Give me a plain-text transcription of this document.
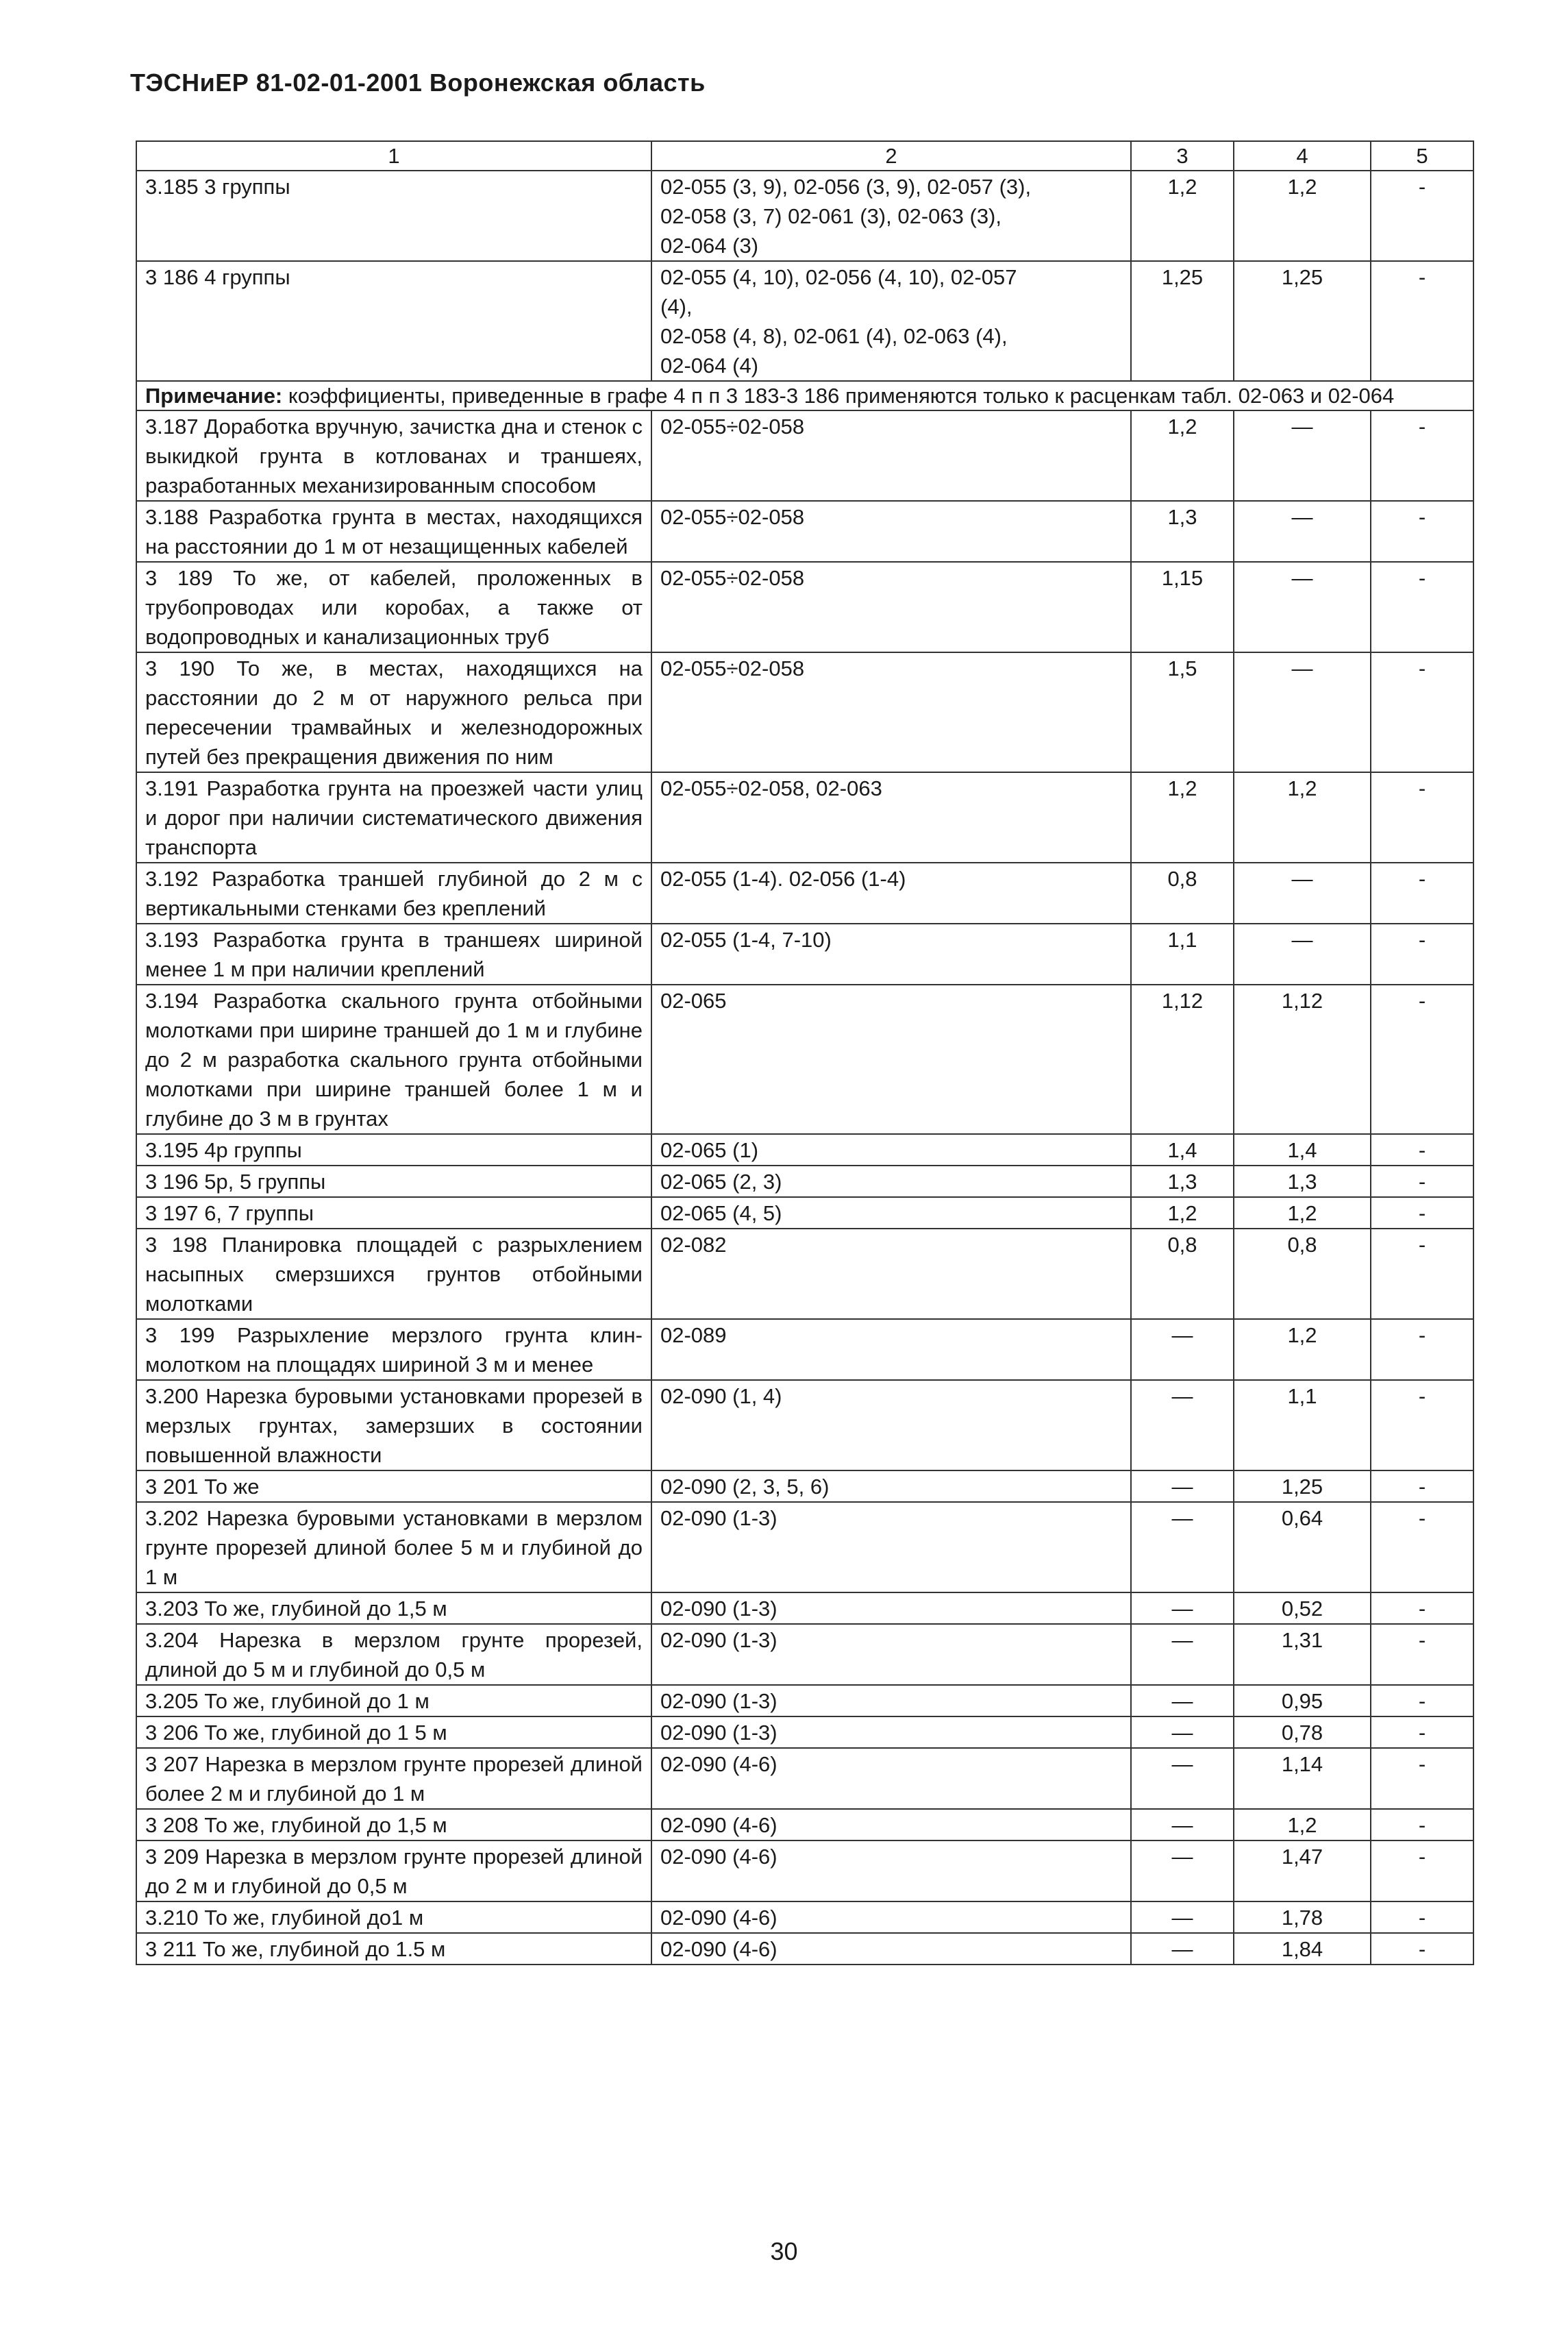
ТЭСНиЕР 81-02-01-2001 Воронежская область
1	2	3	4	5
3.185 3 группы	02-055 (3, 9), 02-056 (3, 9), 02-057 (3),
02-058 (3, 7) 02-061 (3), 02-063 (3),
02-064 (3)	1,2	1,2	-
3 186 4 группы	02-055 (4, 10), 02-056 (4, 10), 02-057
(4),
02-058 (4, 8), 02-061 (4), 02-063 (4),
02-064 (4)	1,25	1,25	-
Примечание: коэффициенты, приведенные в графе 4 п п 3 183-3 186 применяются только к расценкам табл. 02-063 и 02-064				
3.187 Доработка вручную, зачистка дна и стенок с выкидкой грунта в котлованах и траншеях, разработанных механизированным способом	02-055÷02-058	1,2	—	-
3.188 Разработка грунта в местах, находящихся на расстоянии до 1 м от незащищенных кабелей	02-055÷02-058	1,3	—	-
3 189 То же, от кабелей, проложенных в трубопроводах или коробах, а также от водопроводных и канализационных труб	02-055÷02-058	1,15	—	-
3 190 То же, в местах, находящихся на расстоянии до 2 м от наружного рельса при пересечении трамвайных и железнодорожных путей без прекращения движения по ним	02-055÷02-058	1,5	—	-
3.191 Разработка грунта на проезжей части улиц и дорог при наличии систематического движения транспорта	02-055÷02-058, 02-063	1,2	1,2	-
3.192 Разработка траншей глубиной до 2 м с вертикальными стенками без креплений	02-055 (1-4). 02-056 (1-4)	0,8	—	-
3.193 Разработка грунта в траншеях шириной менее 1 м при наличии креплений	02-055 (1-4, 7-10)	1,1	—	-
3.194 Разработка скального грунта отбойными молотками при ширине траншей до 1 м и глубине до 2 м разработка скального грунта отбойными молотками при ширине траншей более 1 м и глубине до 3 м в грунтах	02-065	1,12	1,12	-
3.195 4р группы	02-065 (1)	1,4	1,4	-
3 196 5р, 5 группы	02-065 (2, 3)	1,3	1,3	-
3 197 6, 7 группы	02-065 (4, 5)	1,2	1,2	-
3 198 Планировка площадей с разрыхлением насыпных смерзшихся грунтов отбойными молотками	02-082	0,8	0,8	-
3 199 Разрыхление мерзлого грунта клин-молотком на площадях шириной 3 м и менее	02-089	—	1,2	-
3.200 Нарезка буровыми установками прорезей в мерзлых грунтах, замерзших в состоянии повышенной влажности	02-090 (1, 4)	—	1,1	-
3 201 То же	02-090 (2, 3, 5, 6)	—	1,25	-
3.202 Нарезка буровыми установками в мерзлом грунте прорезей длиной более 5 м и глубиной до 1 м	02-090 (1-3)	—	0,64	-
3.203 То же, глубиной до 1,5 м	02-090 (1-3)	—	0,52	-
3.204 Нарезка в мерзлом грунте прорезей, длиной до 5 м и глубиной до 0,5 м	02-090 (1-3)	—	1,31	-
3.205 То же, глубиной до 1 м	02-090 (1-3)	—	0,95	-
3 206 То же, глубиной до 1 5 м	02-090 (1-3)	—	0,78	-
3 207 Нарезка в мерзлом грунте прорезей длиной более 2 м и глубиной до 1 м	02-090 (4-6)	—	1,14	-
3 208 То же, глубиной до 1,5 м	02-090 (4-6)	—	1,2	-
3 209 Нарезка в мерзлом грунте прорезей длиной до 2 м и глубиной до 0,5 м	02-090 (4-6)	—	1,47	-
3.210 То же, глубиной до1 м	02-090 (4-6)	—	1,78	-
3 211 То же, глубиной до 1.5 м	02-090 (4-6)	—	1,84	-
30
